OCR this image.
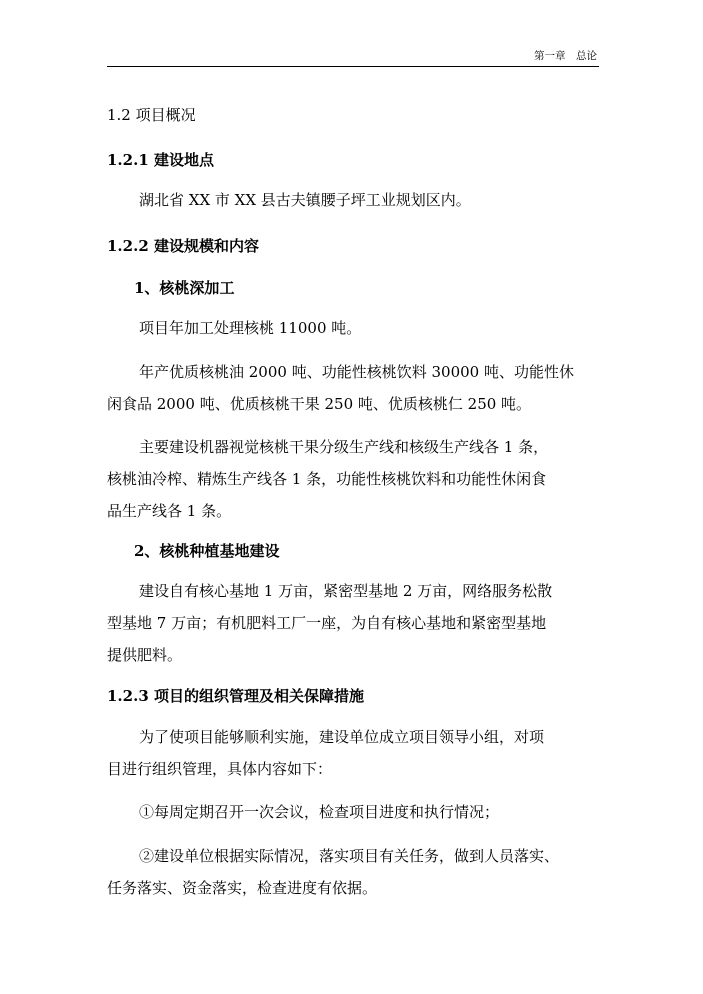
第一章　总论
1.2 项目概况
1.2.1 建设地点
湖北省 XX 市 XX 县古夫镇腰子坪工业规划区内。
1.2.2 建设规模和内容
1、核桃深加工
项目年加工处理核桃 11000 吨。
年产优质核桃油 2000 吨、功能性核桃饮料 30000 吨、功能性休
闲食品 2000 吨、优质核桃干果 250 吨、优质核桃仁 250 吨。
主要建设机器视觉核桃干果分级生产线和核级生产线各 1 条，
核桃油冷榨、精炼生产线各 1 条，功能性核桃饮料和功能性休闲食
品生产线各 1 条。
2、核桃种植基地建设
建设自有核心基地 1 万亩，紧密型基地 2 万亩，网络服务松散
型基地 7 万亩；有机肥料工厂一座，为自有核心基地和紧密型基地
提供肥料。
1.2.3 项目的组织管理及相关保障措施
为了使项目能够顺利实施，建设单位成立项目领导小组，对项
目进行组织管理，具体内容如下：
①每周定期召开一次会议，检查项目进度和执行情况；
②建设单位根据实际情况，落实项目有关任务，做到人员落实、
任务落实、资金落实，检查进度有依据。
